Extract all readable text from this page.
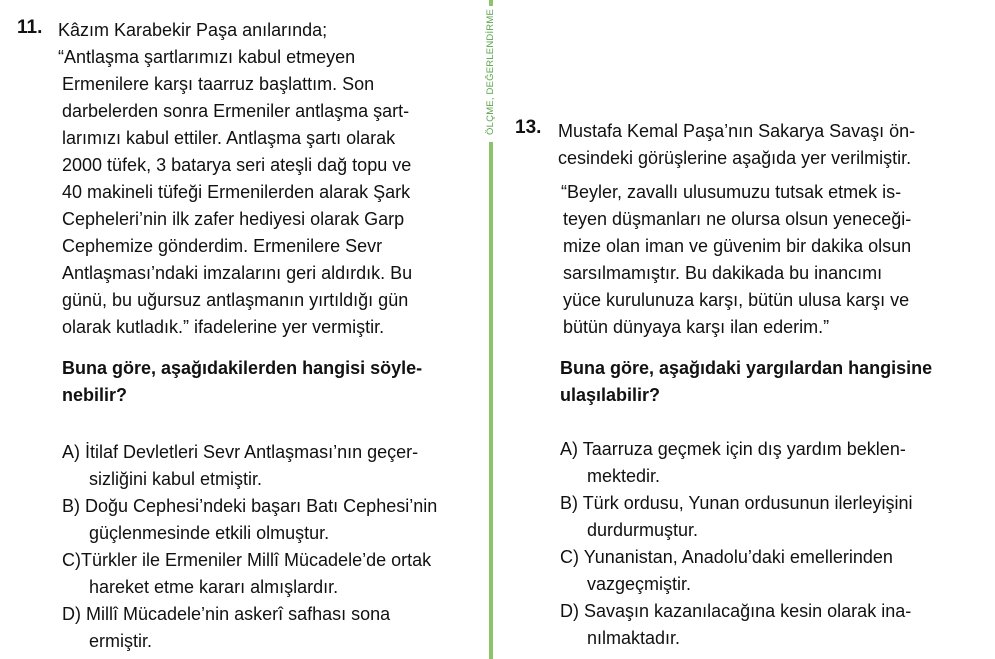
11. Kâzım Karabekir Paşa anılarında;
“Antlaşma şartlarımızı kabul etmeyen
Ermenilere karşı taarruz başlattım. Son
darbelerden sonra Ermeniler antlaşma şart-
larımızı kabul ettiler. Antlaşma şartı olarak
2000 tüfek, 3 batarya seri ateşli dağ topu ve
40 makineli tüfeği Ermenilerden alarak Şark
Cepheleri’nin ilk zafer hediyesi olarak Garp
Cephemize gönderdim. Ermenilere Sevr
Antlaşması’ndaki imzalarını geri aldırdık. Bu
günü, bu uğursuz antlaşmanın yırtıldığı gün
olarak kutladık.” ifadelerine yer vermiştir.
Buna göre, aşağıdakilerden hangisi söyle-
nebilir?
A) İtilaf Devletleri Sevr Antlaşması’nın geçer-
sizliğini kabul etmiştir.
B) Doğu Cephesi’ndeki başarı Batı Cephesi’nin
güçlenmesinde etkili olmuştur.
C)Türkler ile Ermeniler Millî Mücadele’de ortak
hareket etme kararı almışlardır.
D) Millî Mücadele’nin askerî safhası sona
ermiştir.
ÖLÇME, DEĞERLENDİRME 13. Mustafa Kemal Paşa’nın Sakarya Savaşı ön-
cesindeki görüşlerine aşağıda yer verilmiştir.
“Beyler, zavallı ulusumuzu tutsak etmek is-
teyen düşmanları ne olursa olsun yeneceği-
mize olan iman ve güvenim bir dakika olsun
sarsılmamıştır. Bu dakikada bu inancımı
yüce kurulunuza karşı, bütün ulusa karşı ve
bütün dünyaya karşı ilan ederim.”
Buna göre, aşağıdaki yargılardan hangisine
ulaşılabilir?
A) Taarruza geçmek için dış yardım beklen-
mektedir.
B) Türk ordusu, Yunan ordusunun ilerleyişini
durdurmuştur.
C) Yunanistan, Anadolu’daki emellerinden
vazgeçmiştir.
D) Savaşın kazanılacağına kesin olarak ina-
nılmaktadır.
